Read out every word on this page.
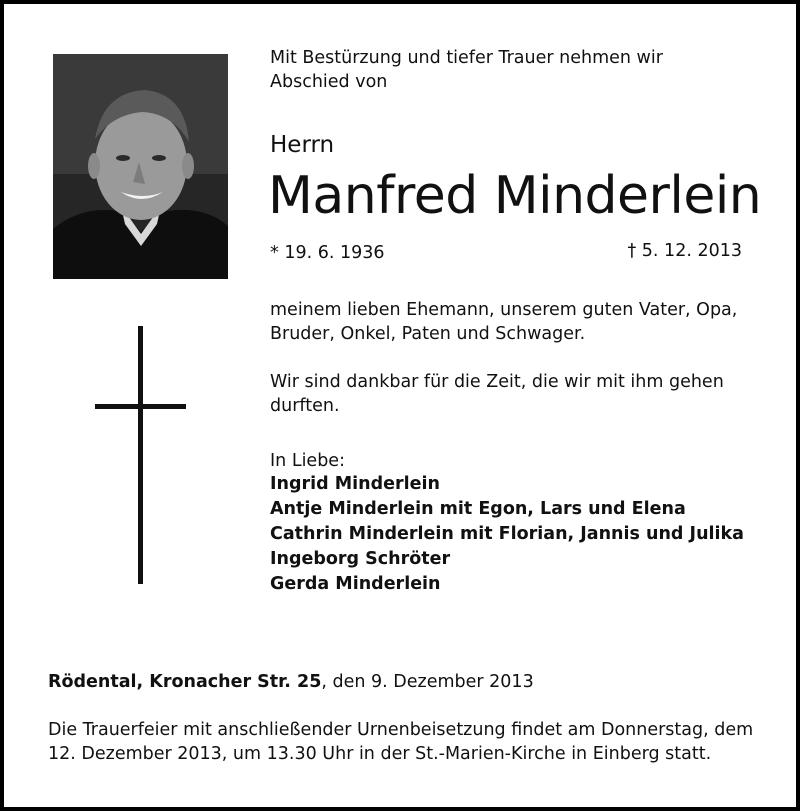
Mit Bestürzung und tiefer Trauer nehmen wir
Abschied von
Herrn
Manfred Minderlein
* 19. 6. 1936	† 5. 12. 2013
meinem lieben Ehemann, unserem guten Vater, Opa,
Bruder, Onkel, Paten und Schwager.
Wir sind dankbar für die Zeit, die wir mit ihm gehen
durften.
In Liebe:
Ingrid Minderlein
Antje Minderlein mit Egon, Lars und Elena
Cathrin Minderlein mit Florian, Jannis und Julika
Ingeborg Schröter
Gerda Minderlein
Rödental, Kronacher Str. 25, den 9. Dezember 2013
Die Trauerfeier mit anschließender Urnenbeisetzung findet am Donnerstag, dem
12. Dezember 2013, um 13.30 Uhr in der St.-Marien-Kirche in Einberg statt.
